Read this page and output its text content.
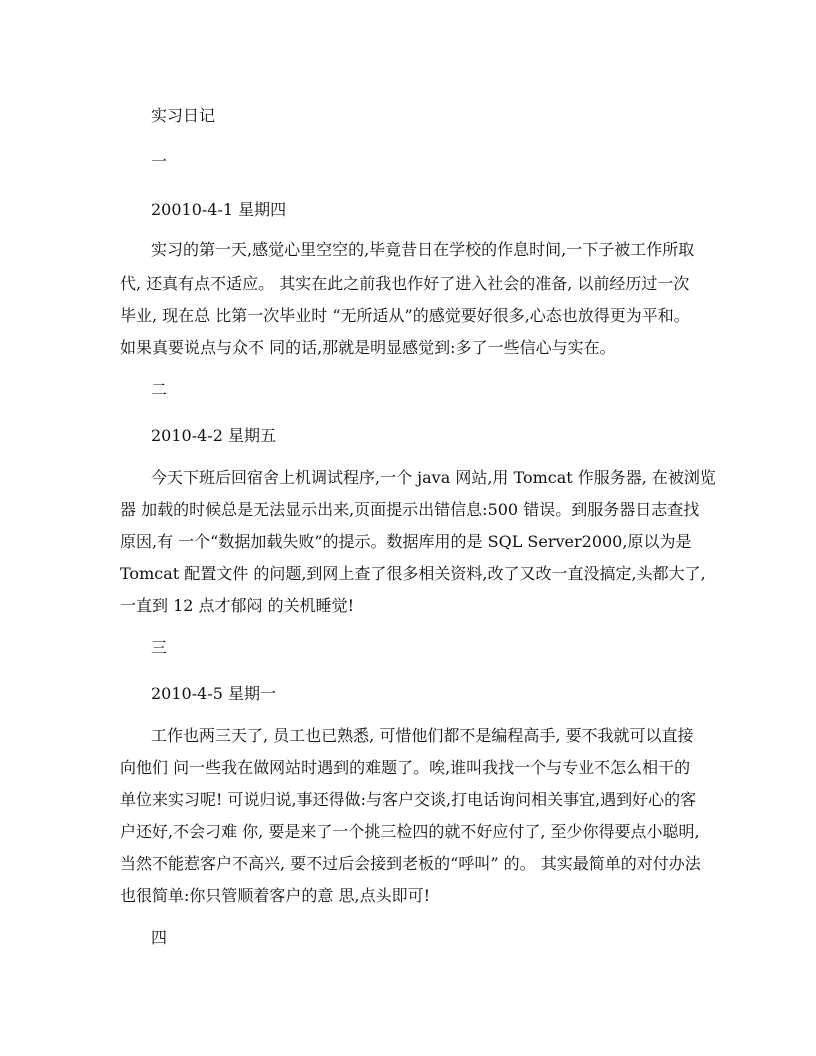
实习日记
一
20010-4-1 星期四
实习的第一天,感觉心里空空的,毕竟昔日在学校的作息时间,一下子被工作所取
代, 还真有点不适应。 其实在此之前我也作好了进入社会的准备, 以前经历过一次
毕业, 现在总 比第一次毕业时 “无所适从”的感觉要好很多,心态也放得更为平和。
如果真要说点与众不 同的话,那就是明显感觉到:多了一些信心与实在。
二
2010-4-2 星期五
今天下班后回宿舍上机调试程序,一个 java 网站,用 Tomcat 作服务器, 在被浏览
器 加载的时候总是无法显示出来,页面提示出错信息:500 错误。到服务器日志查找
原因,有 一个“数据加载失败”的提示。数据库用的是 SQL Server2000,原以为是
Tomcat 配置文件 的问题,到网上查了很多相关资料,改了又改一直没搞定,头都大了,
一直到 12 点才郁闷 的关机睡觉!
三
2010-4-5 星期一
工作也两三天了, 员工也已熟悉, 可惜他们都不是编程高手, 要不我就可以直接
向他们 问一些我在做网站时遇到的难题了。唉,谁叫我找一个与专业不怎么相干的
单位来实习呢! 可说归说,事还得做:与客户交谈,打电话询问相关事宜,遇到好心的客
户还好,不会刁难 你, 要是来了一个挑三检四的就不好应付了, 至少你得要点小聪明,
当然不能惹客户不高兴, 要不过后会接到老板的“呼叫” 的。 其实最简单的对付办法
也很简单:你只管顺着客户的意 思,点头即可!
四
